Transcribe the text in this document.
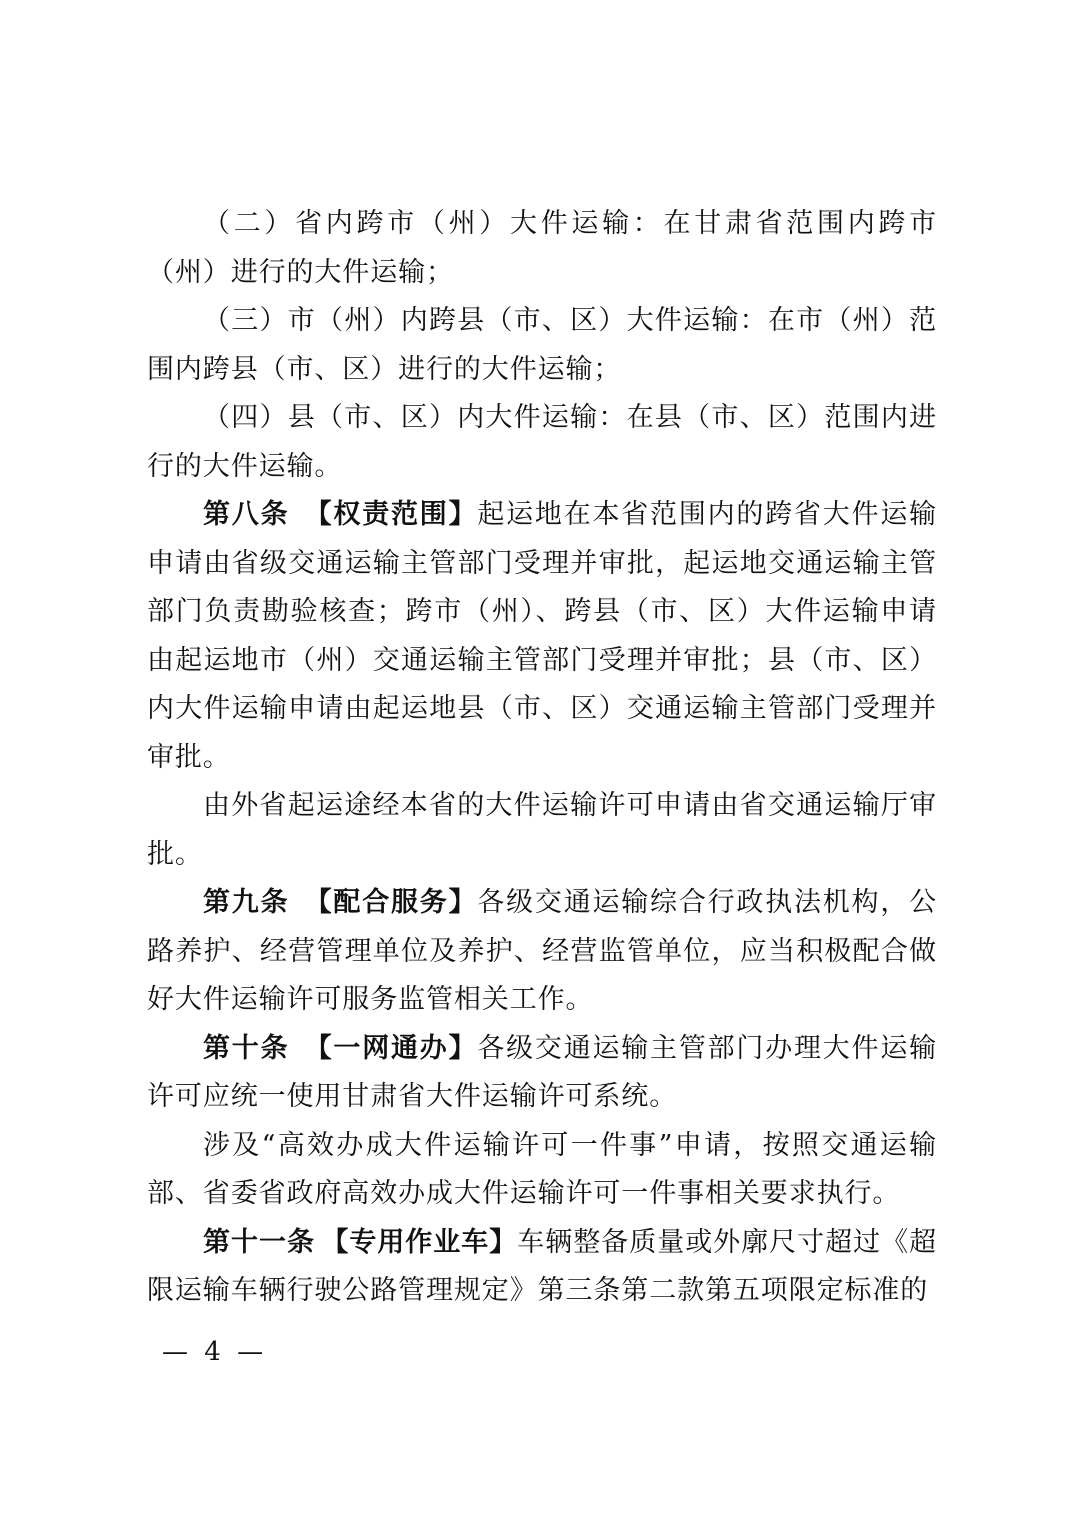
（二）省内跨市（州）大件运输：在甘肃省范围内跨市（州）进行的大件运输；

（三）市（州）内跨县（市、区）大件运输：在市（州）范围内跨县（市、区）进行的大件运输；

（四）县（市、区）内大件运输：在县（市、区）范围内进行的大件运输。

第八条  【权责范围】起运地在本省范围内的跨省大件运输申请由省级交通运输主管部门受理并审批，起运地交通运输主管部门负责勘验核查；跨市（州）、跨县（市、区）大件运输申请由起运地市（州）交通运输主管部门受理并审批；县（市、区）内大件运输申请由起运地县（市、区）交通运输主管部门受理并审批。

由外省起运途经本省的大件运输许可申请由省交通运输厅审批。

第九条  【配合服务】各级交通运输综合行政执法机构，公路养护、经营管理单位及养护、经营监管单位，应当积极配合做好大件运输许可服务监管相关工作。

第十条  【一网通办】各级交通运输主管部门办理大件运输许可应统一使用甘肃省大件运输许可系统。

涉及“高效办成大件运输许可一件事”申请，按照交通运输部、省委省政府高效办成大件运输许可一件事相关要求执行。

第十一条  【专用作业车】车辆整备质量或外廓尺寸超过《超限运输车辆行驶公路管理规定》第三条第二款第五项限定标准的

— 4 —
